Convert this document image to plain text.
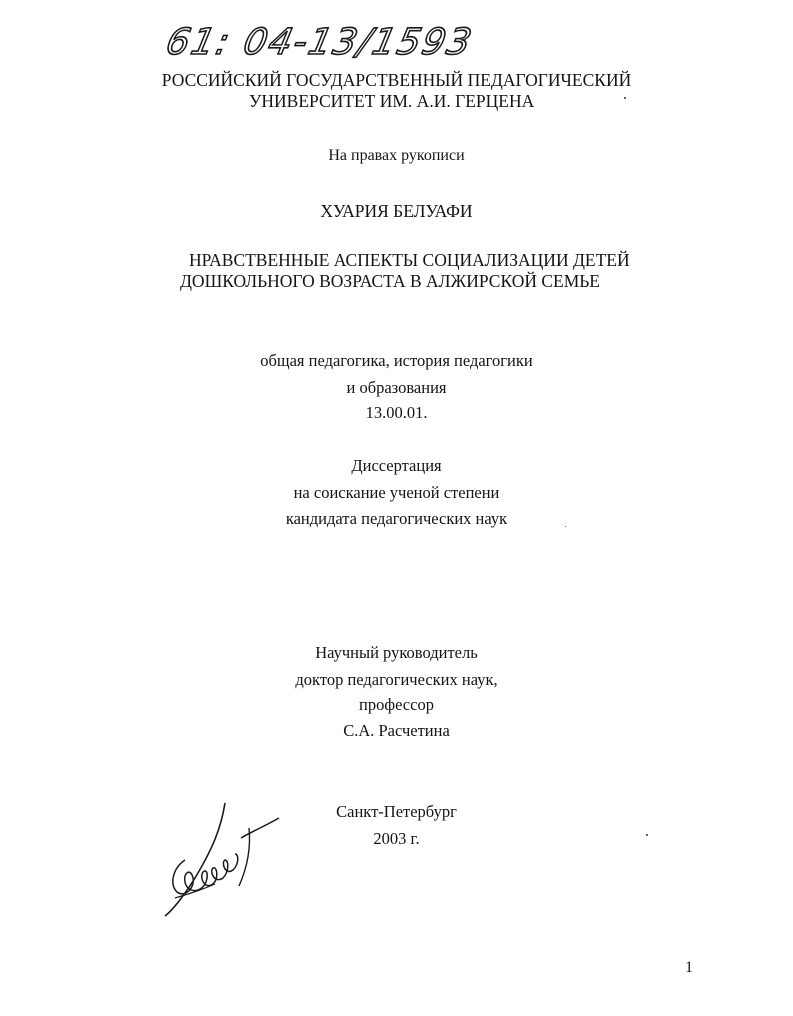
61: 04-13/1593
РОССИЙСКИЙ ГОСУДАРСТВЕННЫЙ ПЕДАГОГИЧЕСКИЙ
УНИВЕРСИТЕТ ИМ. А.И. ГЕРЦЕНА
На правах рукописи
ХУАРИЯ БЕЛУАФИ
НРАВСТВЕННЫЕ АСПЕКТЫ СОЦИАЛИЗАЦИИ ДЕТЕЙ
ДОШКОЛЬНОГО ВОЗРАСТА В АЛЖИРСКОЙ СЕМЬЕ
общая педагогика, история педагогики
и образования
13.00.01.
Диссертация
на соискание ученой степени
кандидата педагогических наук
Научный руководитель
доктор педагогических наук,
профессор
С.А. Расчетина
Санкт-Петербург
2003 г.
1
